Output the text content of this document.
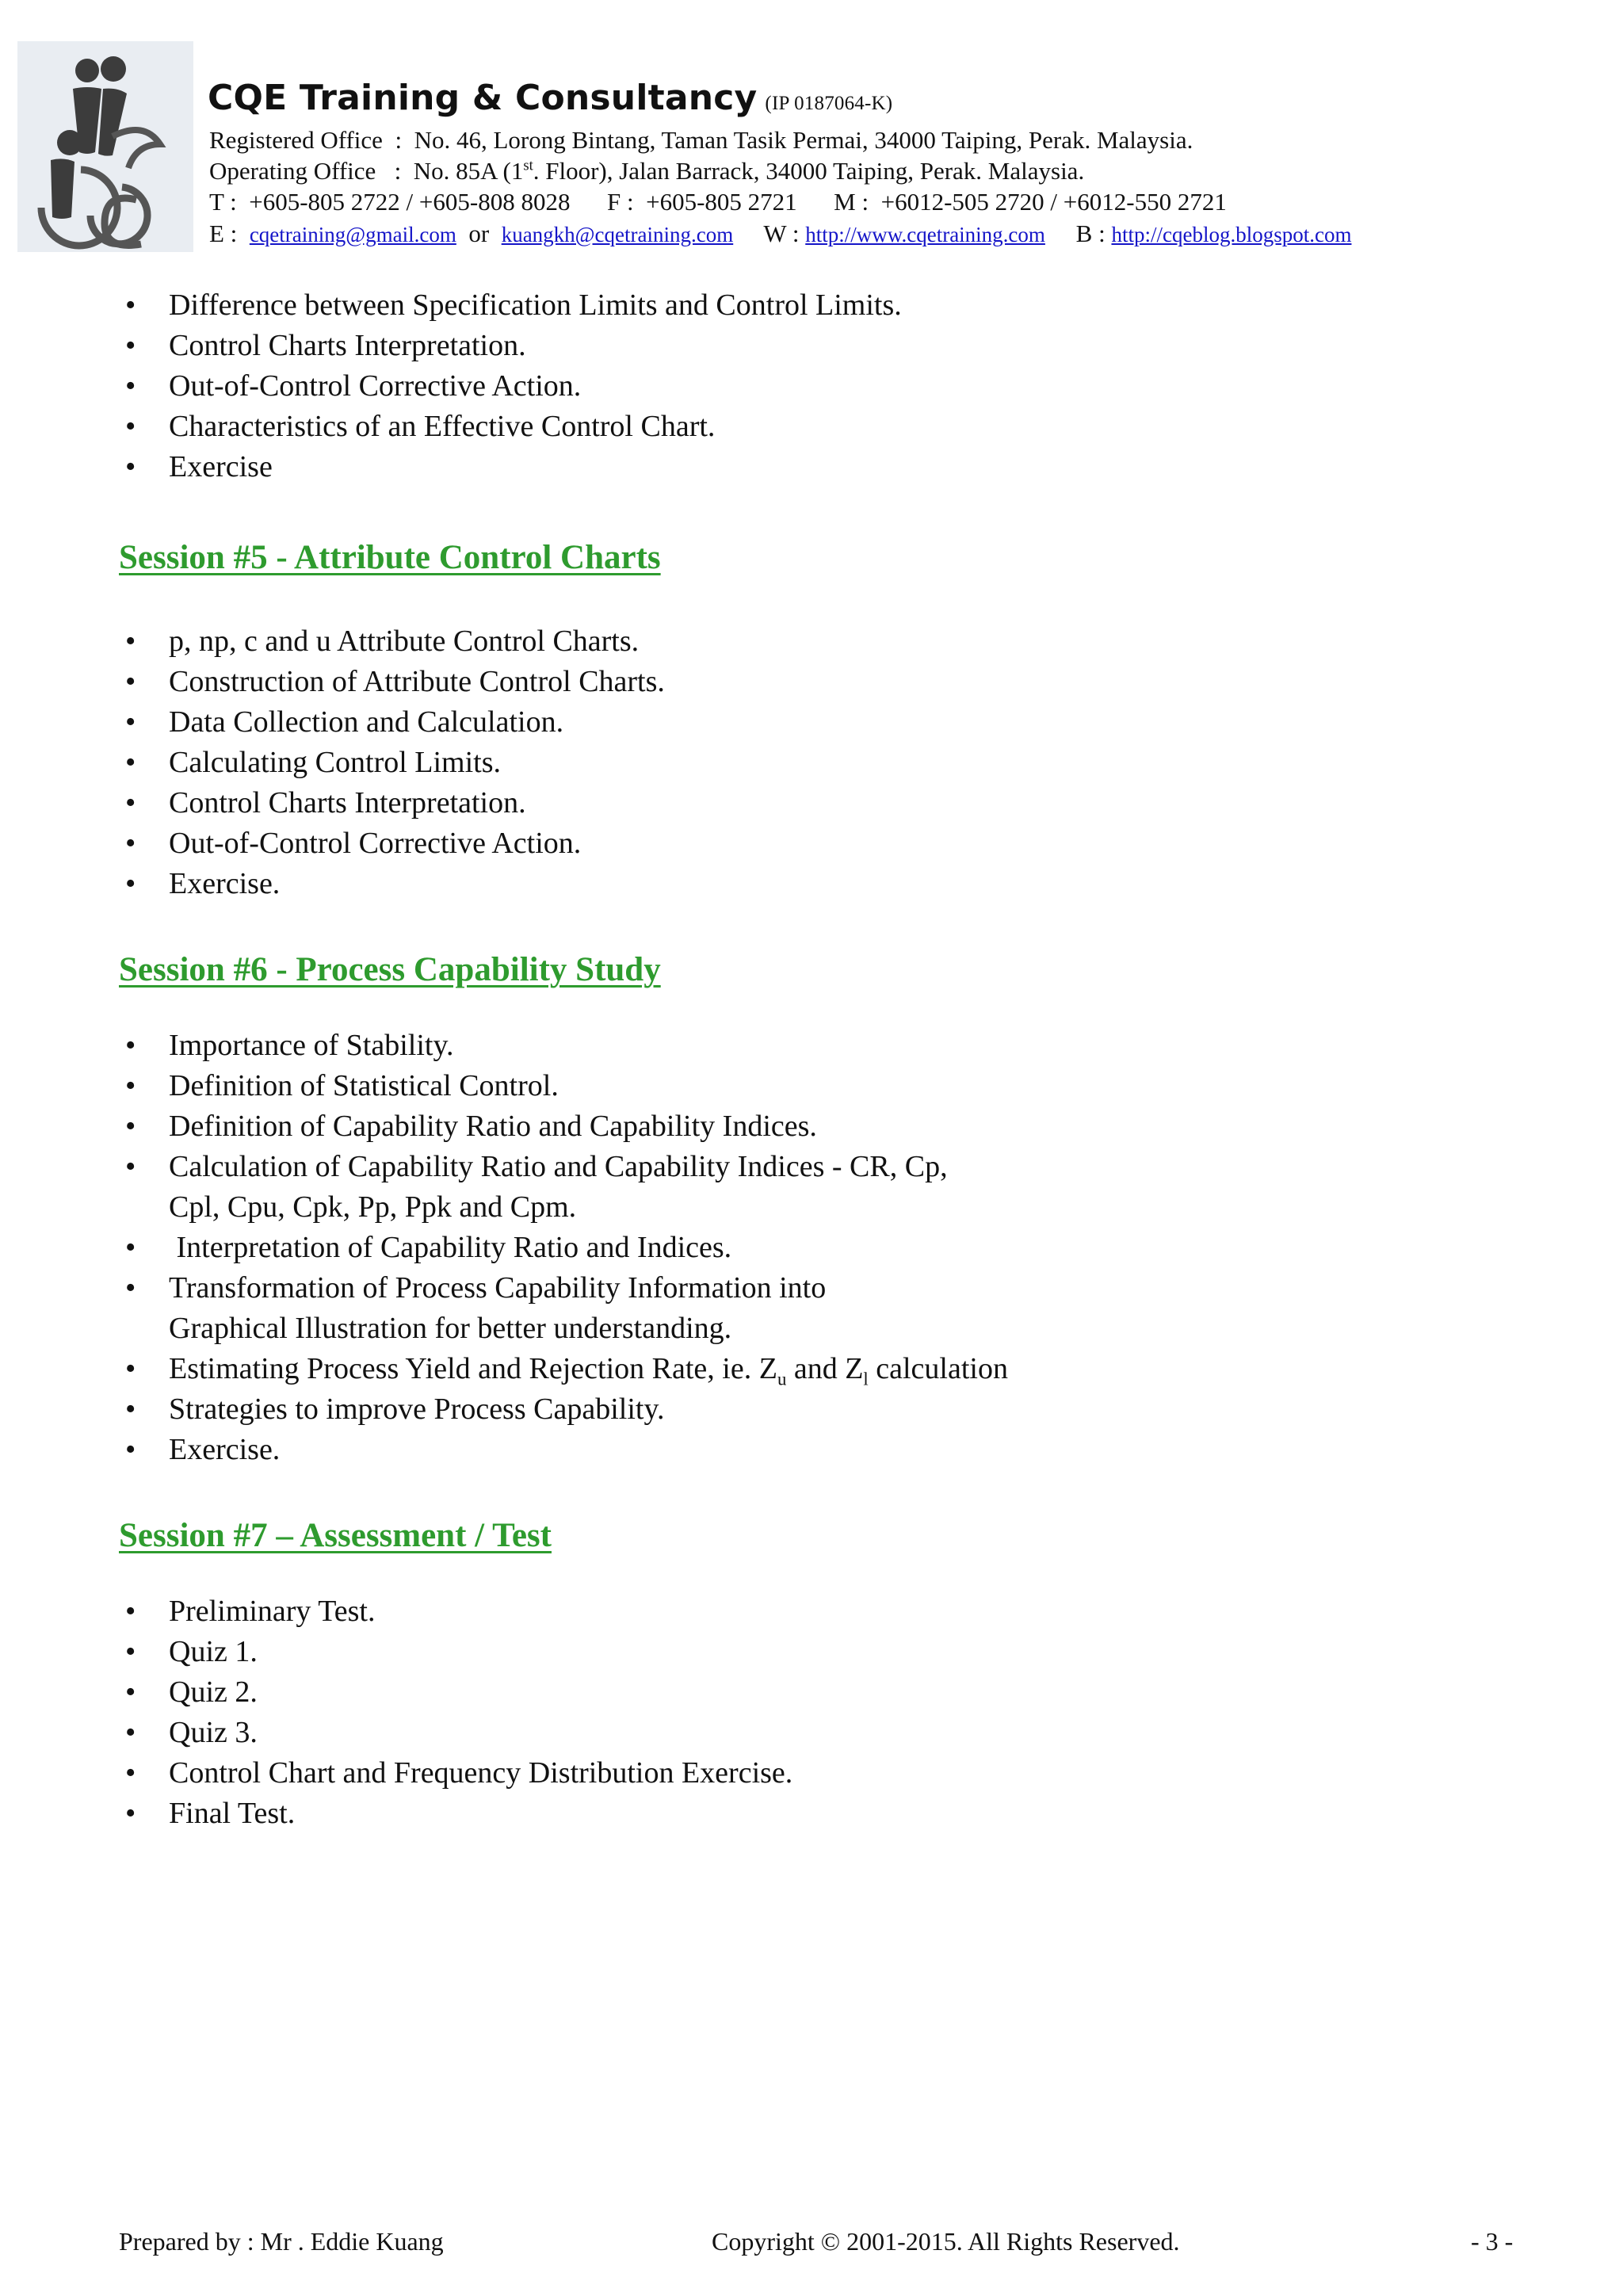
CQE Training & Consultancy (IP 0187064-K)
Registered Office  :  No. 46, Lorong Bintang, Taman Tasik Permai, 34000 Taiping, Perak. Malaysia.
Operating Office   :  No. 85A (1st. Floor), Jalan Barrack, 34000 Taiping, Perak. Malaysia.
T : +605-805 2722 / +605-808 8028 F : +605-805 2721 M : +6012-505 2720 / +6012-550 2721
E : cqetraining@gmail.com or kuangkh@cqetraining.com W : http://www.cqetraining.com B : http://cqeblog.blogspot.com
• Difference between Specification Limits and Control Limits.
• Control Charts Interpretation.
• Out-of-Control Corrective Action.
• Characteristics of an Effective Control Chart.
• Exercise
Session #5 - Attribute Control Charts
• p, np, c and u Attribute Control Charts.
• Construction of Attribute Control Charts.
• Data Collection and Calculation.
• Calculating Control Limits.
• Control Charts Interpretation.
• Out-of-Control Corrective Action.
• Exercise.
Session #6 - Process Capability Study
• Importance of Stability.
• Definition of Statistical Control.
• Definition of Capability Ratio and Capability Indices.
• Calculation of Capability Ratio and Capability Indices - CR, Cp,
Cpl, Cpu, Cpk, Pp, Ppk and Cpm.
•  Interpretation of Capability Ratio and Indices.
• Transformation of Process Capability Information into
Graphical Illustration for better understanding.
• Estimating Process Yield and Rejection Rate, ie. $Z_u$ and $Z_l$ calculation
• Strategies to improve Process Capability.
• Exercise.
Session #7 – Assessment / Test
• Preliminary Test.
• Quiz 1.
• Quiz 2.
• Quiz 3.
• Control Chart and Frequency Distribution Exercise.
• Final Test.
Prepared by : Mr . Eddie Kuang	Copyright © 2001-2015. All Rights Reserved.	- 3 -
